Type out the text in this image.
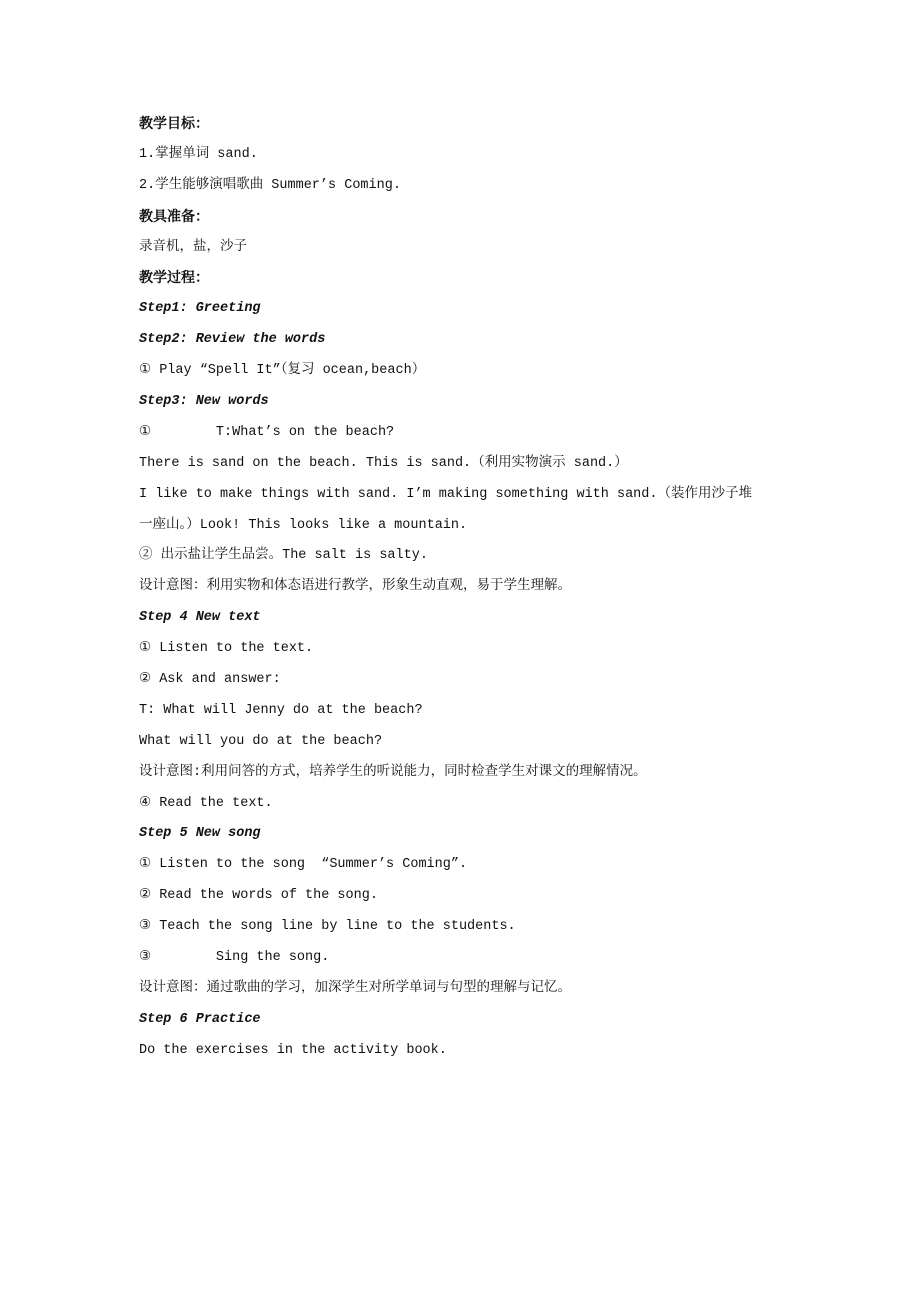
教学目标：
1.掌握单词 sand.
2.学生能够演唱歌曲 Summer’s Coming.
教具准备：
录音机，盐，沙子
教学过程：
Step1: Greeting
Step2: Review the words
① Play “Spell It”（复习 ocean,beach）
Step3: New words
①        T:What’s on the beach?
There is sand on the beach. This is sand.（利用实物演示 sand.）
I like to make things with sand. I’m making something with sand.（装作用沙子堆
一座山。）Look! This looks like a mountain.
② 出示盐让学生品尝。The salt is salty.
设计意图：利用实物和体态语进行教学，形象生动直观，易于学生理解。
Step 4 New text
① Listen to the text.
② Ask and answer:
T: What will Jenny do at the beach?
What will you do at the beach?
设计意图:利用问答的方式，培养学生的听说能力，同时检查学生对课文的理解情况。
④ Read the text.
Step 5 New song
① Listen to the song  “Summer’s Coming”.
② Read the words of the song.
③ Teach the song line by line to the students.
③        Sing the song.
设计意图：通过歌曲的学习，加深学生对所学单词与句型的理解与记忆。
Step 6 Practice
Do the exercises in the activity book.
